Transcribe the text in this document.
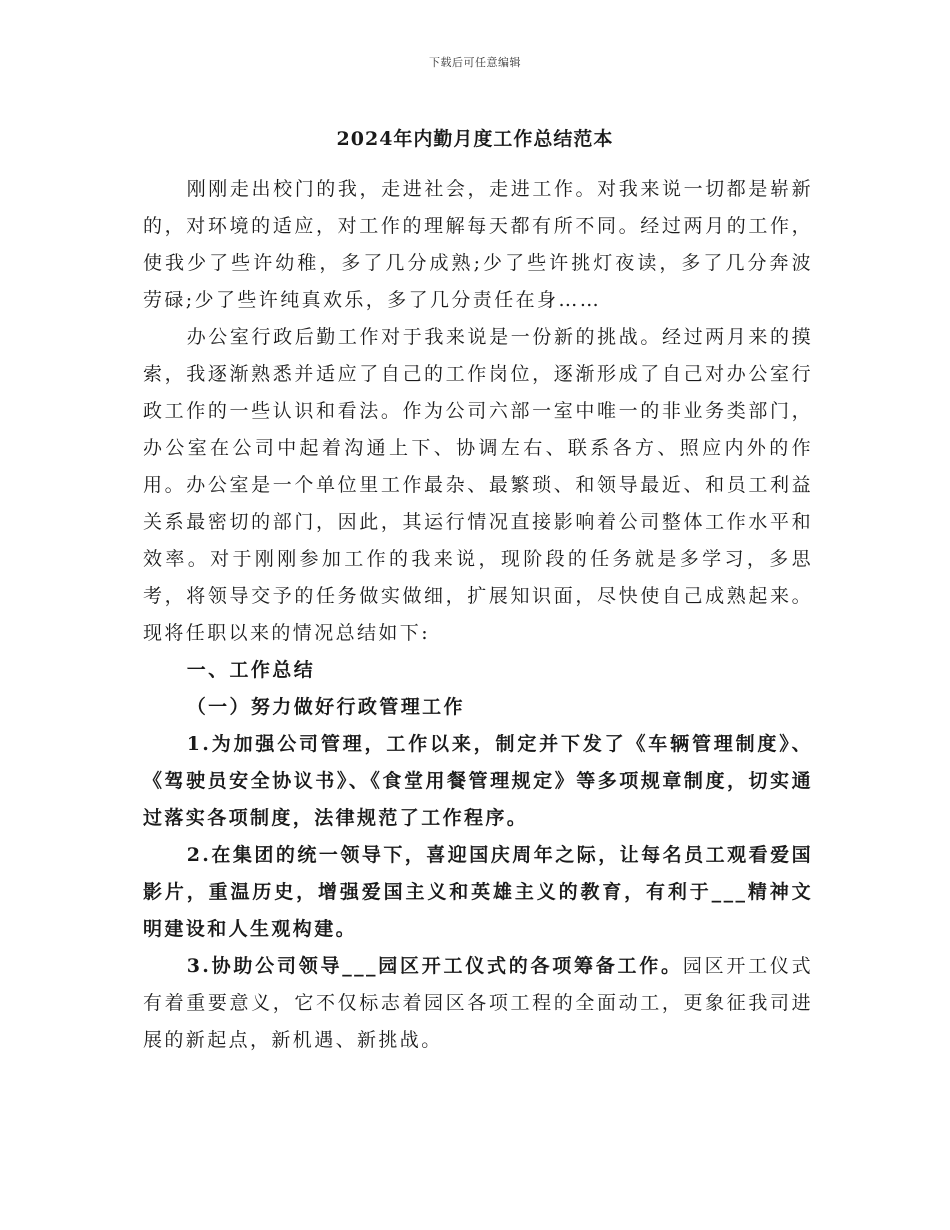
下载后可任意编辑
2024年内勤月度工作总结范本

刚刚走出校门的我，走进社会，走进工作。对我来说一切都是崭新的，对环境的适应，对工作的理解每天都有所不同。经过两月的工作，使我少了些许幼稚，多了几分成熟;少了些许挑灯夜读，多了几分奔波劳碌;少了些许纯真欢乐，多了几分责任在身……

办公室行政后勤工作对于我来说是一份新的挑战。经过两月来的摸索，我逐渐熟悉并适应了自己的工作岗位，逐渐形成了自己对办公室行政工作的一些认识和看法。作为公司六部一室中唯一的非业务类部门，办公室在公司中起着沟通上下、协调左右、联系各方、照应内外的作用。办公室是一个单位里工作最杂、最繁琐、和领导最近、和员工利益关系最密切的部门，因此，其运行情况直接影响着公司整体工作水平和效率。对于刚刚参加工作的我来说，现阶段的任务就是多学习，多思考，将领导交予的任务做实做细，扩展知识面，尽快使自己成熟起来。现将任职以来的情况总结如下:

一、工作总结

（一）努力做好行政管理工作

1.为加强公司管理，工作以来，制定并下发了《车辆管理制度》、《驾驶员安全协议书》、《食堂用餐管理规定》等多项规章制度，切实通过落实各项制度，法律规范了工作程序。

2.在集团的统一领导下，喜迎国庆周年之际，让每名员工观看爱国影片，重温历史，增强爱国主义和英雄主义的教育，有利于___精神文明建设和人生观构建。

3.协助公司领导___园区开工仪式的各项筹备工作。园区开工仪式有着重要意义，它不仅标志着园区各项工程的全面动工，更象征我司进展的新起点，新机遇、新挑战。
